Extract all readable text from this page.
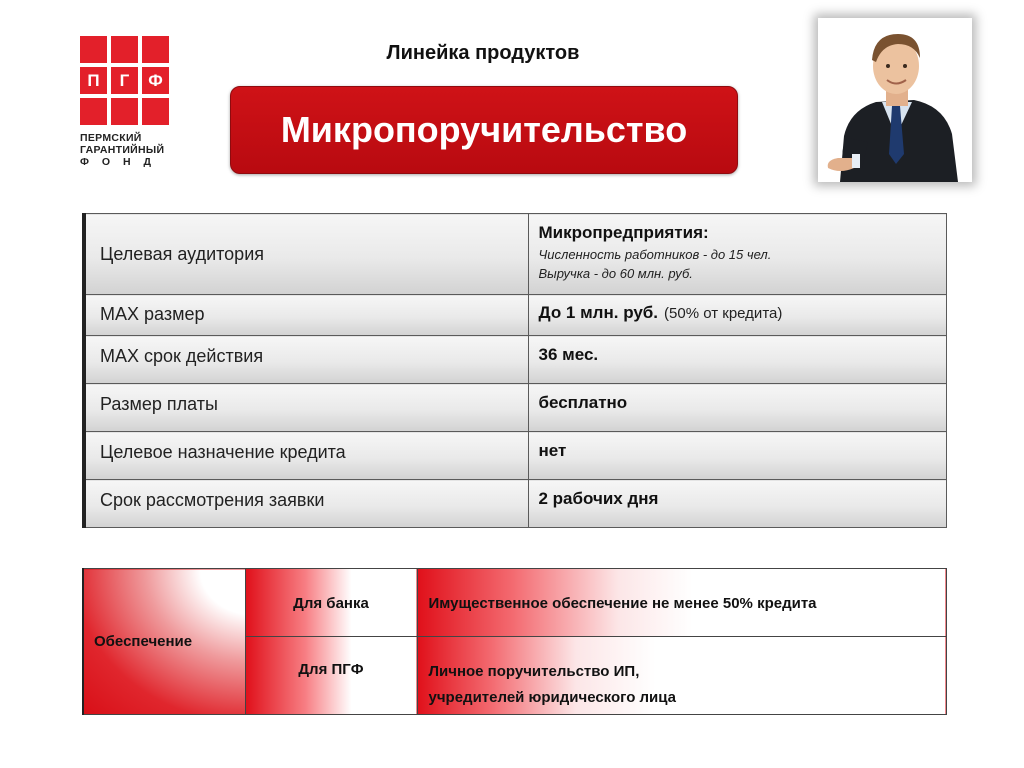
П	Г	Ф
ПЕРМСКИЙ
ГАРАНТИЙНЫЙ
Ф О Н Д
Линейка продуктов
Микропоручительство
Целевая аудитория	Микропредприятия:
Численность работников - до 15 чел.
Выручка - до 60 млн. руб.

MAX размер	До 1 млн. руб. (50% от кредита)
MAX срок действия	36 мес.
Размер платы	бесплатно
Целевое назначение кредита	нет
Срок рассмотрения заявки	2 рабочих дня
Обеспечение	Для банка	Имущественное обеспечение не менее 50% кредита

	Для ПГФ	Личное поручительство ИП,
учредителей юридического лица
